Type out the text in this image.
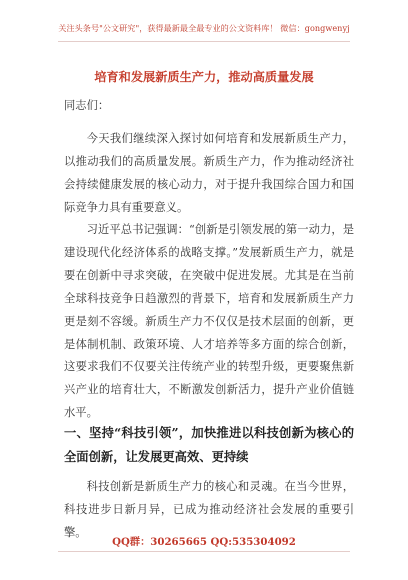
关注头条号"公文研究"，获得最新最全最专业的公文资料库！ 微信：gongwenyj
培育和发展新质生产力，推动高质量发展
同志们：

今天我们继续深入探讨如何培育和发展新质生产力，以推动我们的高质量发展。新质生产力，作为推动经济社会持续健康发展的核心动力，对于提升我国综合国力和国际竞争力具有重要意义。

习近平总书记强调：“创新是引领发展的第一动力，是建设现代化经济体系的战略支撑。”发展新质生产力，就是要在创新中寻求突破，在突破中促进发展。尤其是在当前全球科技竞争日趋激烈的背景下，培育和发展新质生产力更是刻不容缓。新质生产力不仅仅是技术层面的创新，更是体制机制、政策环境、人才培养等多方面的综合创新，这要求我们不仅要关注传统产业的转型升级，更要聚焦新兴产业的培育壮大，不断激发创新活力，提升产业价值链水平。

一、坚持“科技引领”，加快推进以科技创新为核心的全面创新，让发展更高效、更持续

科技创新是新质生产力的核心和灵魂。在当今世界，科技进步日新月异，已成为推动经济社会发展的重要引擎。

QQ群：30265665 QQ:535304092
